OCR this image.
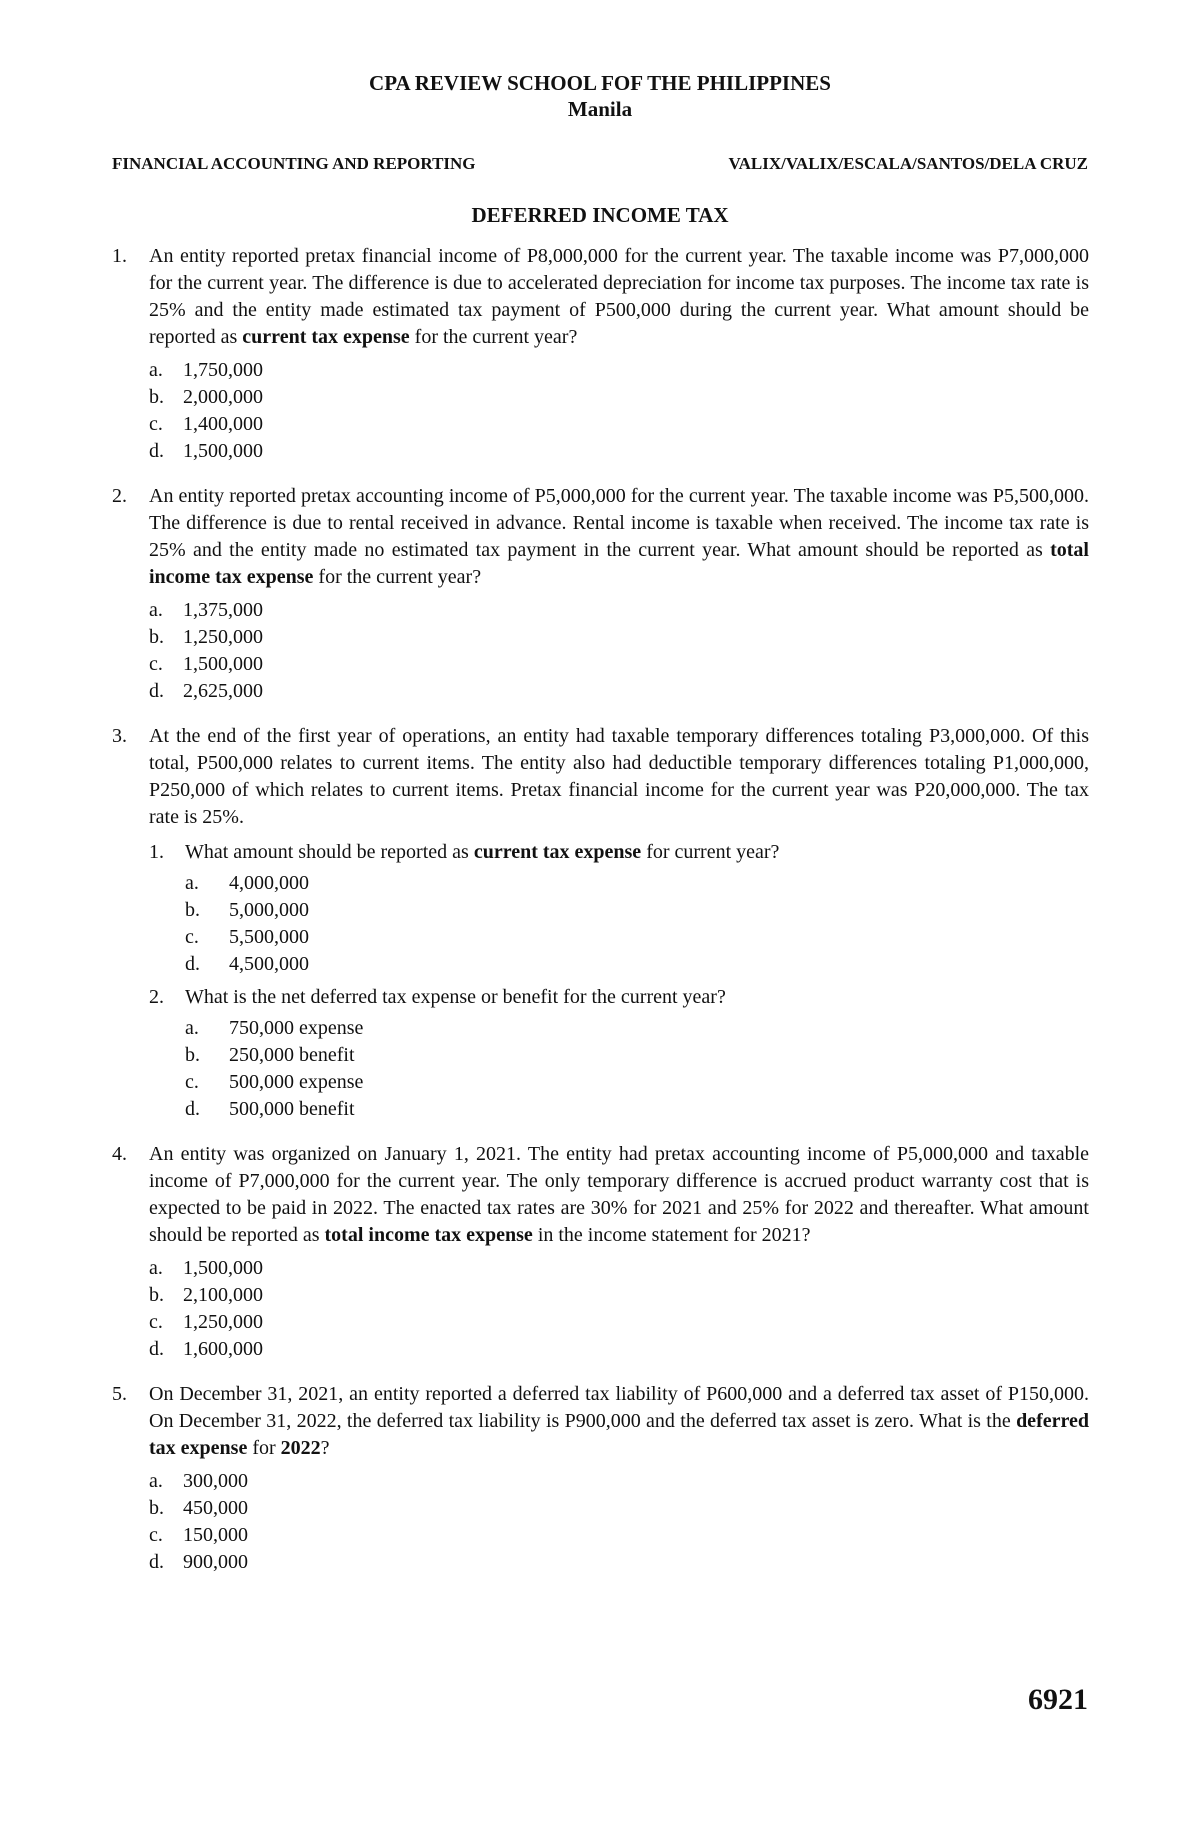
CPA REVIEW SCHOOL FOF THE PHILIPPINES
Manila
FINANCIAL ACCOUNTING AND REPORTING	VALIX/VALIX/ESCALA/SANTOS/DELA CRUZ
DEFERRED INCOME TAX
1. An entity reported pretax financial income of P8,000,000 for the current year. The taxable income was P7,000,000 for the current year. The difference is due to accelerated depreciation for income tax purposes. The income tax rate is 25% and the entity made estimated tax payment of P500,000 during the current year. What amount should be reported as current tax expense for the current year?
a.	1,750,000
b. 2,000,000
c.	1,400,000
d. 1,500,000
2. An entity reported pretax accounting income of P5,000,000 for the current year. The taxable income was P5,500,000. The difference is due to rental received in advance. Rental income is taxable when received. The income tax rate is 25% and the entity made no estimated tax payment in the current year. What amount should be reported as total income tax expense for the current year?
a.	1,375,000
b. 1,250,000
c.	1,500,000
d. 2,625,000
3. At the end of the first year of operations, an entity had taxable temporary differences totaling P3,000,000. Of this total, P500,000 relates to current items. The entity also had deductible temporary differences totaling P1,000,000, P250,000 of which relates to current items. Pretax financial income for the current year was P20,000,000. The tax rate is 25%.
1. What amount should be reported as current tax expense for current year?
a.	4,000,000
b.	5,000,000
c.	5,500,000
d.	4,500,000
2. What is the net deferred tax expense or benefit for the current year?
a.	750,000 expense
b.	250,000 benefit
c.	500,000 expense
d.	500,000 benefit
4. An entity was organized on January 1, 2021. The entity had pretax accounting income of P5,000,000 and taxable income of P7,000,000 for the current year. The only temporary difference is accrued product warranty cost that is expected to be paid in 2022. The enacted tax rates are 30% for 2021 and 25% for 2022 and thereafter. What amount should be reported as total income tax expense in the income statement for 2021?
a.	1,500,000
b. 2,100,000
c.	1,250,000
d. 1,600,000
5. On December 31, 2021, an entity reported a deferred tax liability of P600,000 and a deferred tax asset of P150,000. On December 31, 2022, the deferred tax liability is P900,000 and the deferred tax asset is zero. What is the deferred tax expense for 2022?
a.	300,000
b. 450,000
c.	150,000
d. 900,000
6921
